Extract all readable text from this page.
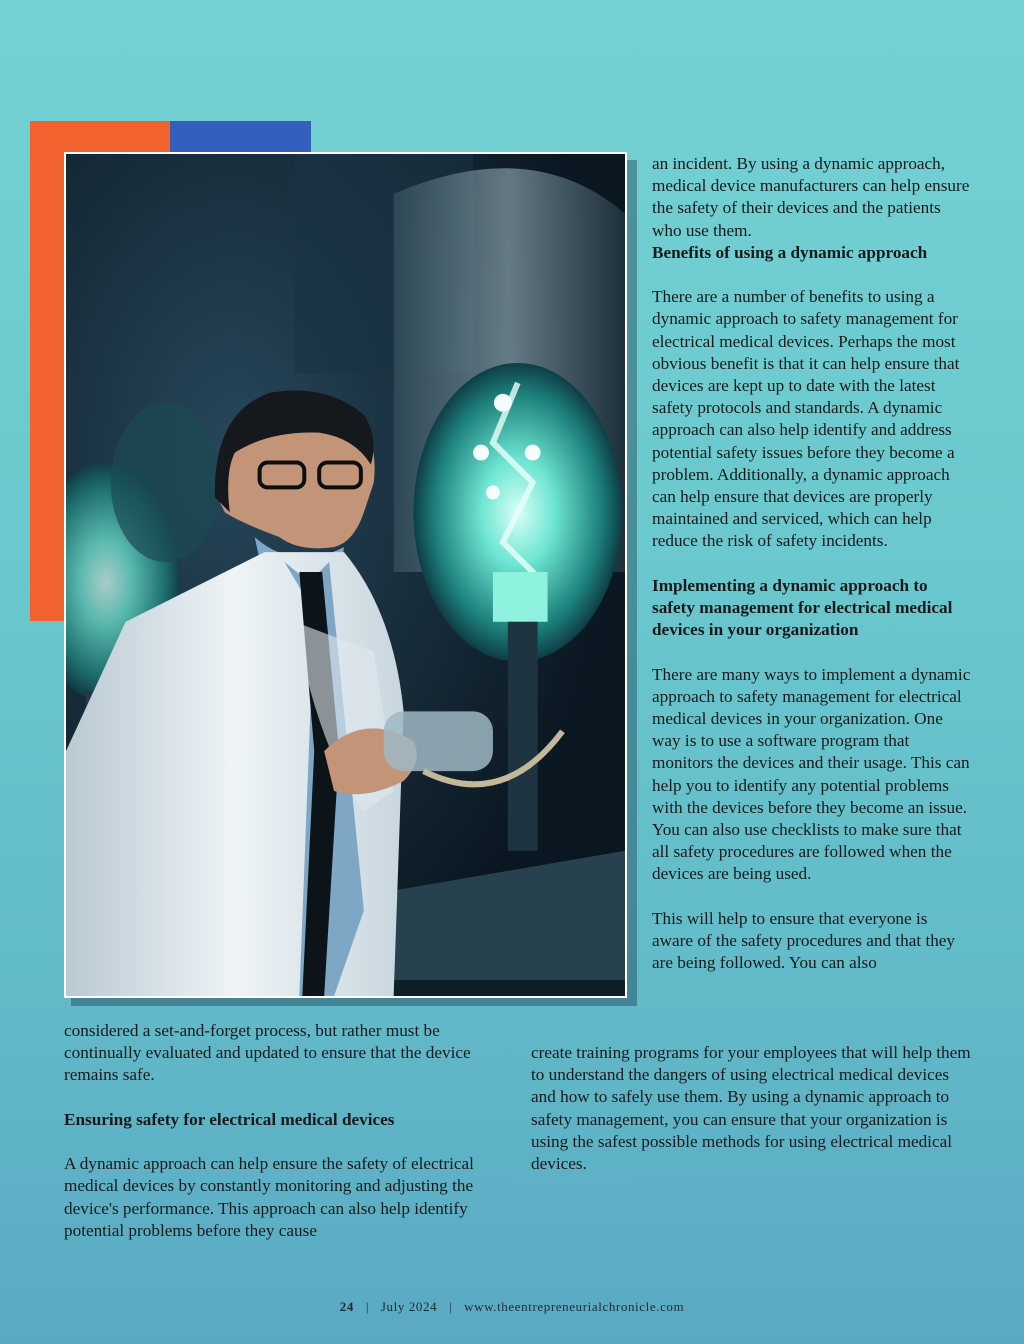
an incident. By using a dynamic approach, medical device manufacturers can help ensure the safety of their devices and the patients who use them.

Benefits of using a dynamic approach

There are a number of benefits to using a dynamic approach to safety management for electrical medical devices. Perhaps the most obvious benefit is that it can help ensure that devices are kept up to date with the latest safety protocols and standards. A dynamic approach can also help identify and address potential safety issues before they become a problem. Additionally, a dynamic approach can help ensure that devices are properly maintained and serviced, which can help reduce the risk of safety incidents.

Implementing a dynamic approach to safety management for electrical medical devices in your organization

There are many ways to implement a dynamic approach to safety management for electrical medical devices in your organization. One way is to use a software program that monitors the devices and their usage. This can help you to identify any potential problems with the devices before they become an issue. You can also use checklists to make sure that all safety procedures are followed when the devices are being used.

This will help to ensure that everyone is aware of the safety procedures and that they are being followed. You can also

create training programs for your employees that will help them to understand the dangers of using electrical medical devices and how to safely use them. By using a dynamic approach to safety management, you can ensure that your organization is using the safest possible methods for using electrical medical devices.

considered a set-and-forget process, but rather must be continually evaluated and updated to ensure that the device remains safe.

Ensuring safety for electrical medical devices

A dynamic approach can help ensure the safety of electrical medical devices by constantly monitoring and adjusting the device's performance. This approach can also help identify potential problems before they cause

24 | July 2024 | www.theentrepreneurialchronicle.com
